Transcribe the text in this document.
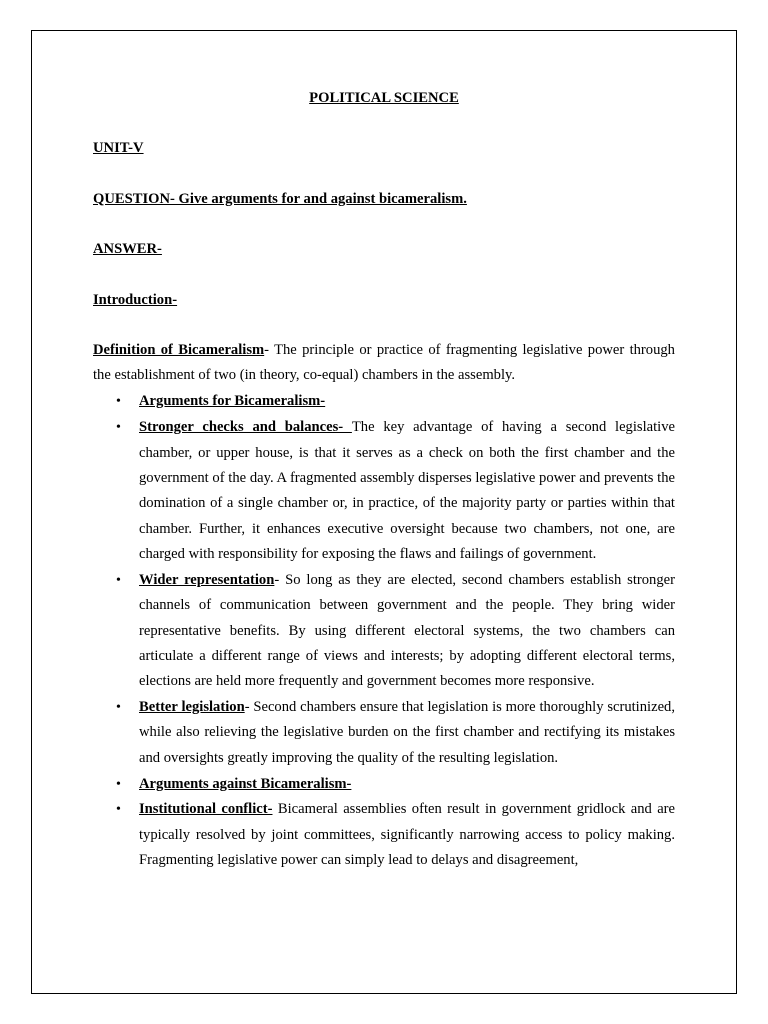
POLITICAL SCIENCE

UNIT-V

QUESTION- Give arguments for and against bicameralism.

ANSWER-

Introduction-

Definition of Bicameralism- The principle or practice of fragmenting legislative power through the establishment of two (in theory, co-equal) chambers in the assembly.

• Arguments for Bicameralism-
• Stronger checks and balances- The key advantage of having a second legislative chamber, or upper house, is that it serves as a check on both the first chamber and the government of the day. A fragmented assembly disperses legislative power and prevents the domination of a single chamber or, in practice, of the majority party or parties within that chamber. Further, it enhances executive oversight because two chambers, not one, are charged with responsibility for exposing the flaws and failings of government.
• Wider representation- So long as they are elected, second chambers establish stronger channels of communication between government and the people. They bring wider representative benefits. By using different electoral systems, the two chambers can articulate a different range of views and interests; by adopting different electoral terms, elections are held more frequently and government becomes more responsive.
• Better legislation- Second chambers ensure that legislation is more thoroughly scrutinized, while also relieving the legislative burden on the first chamber and rectifying its mistakes and oversights greatly improving the quality of the resulting legislation.
• Arguments against Bicameralism-
• Institutional conflict- Bicameral assemblies often result in government gridlock and are typically resolved by joint committees, significantly narrowing access to policy making. Fragmenting legislative power can simply lead to delays and disagreement,
